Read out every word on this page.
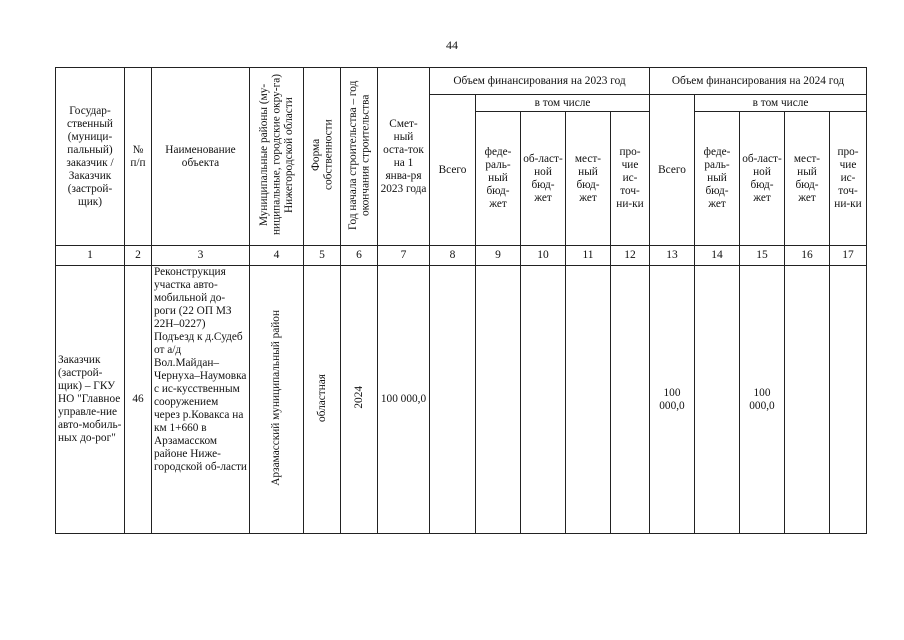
44
Государ-ственный (муници-пальный) заказчик / Заказчик (застрой-щик)	№ п/п	Наименование объекта	Муниципальные районы (му-ниципальные, городские окру-га) Нижегородской области	Форма собственности	Год начала строительства – год окончания строительства	Смет-ный оста-ток на 1 янва-ря 2023 года	Объем финансирования на 2023 год					Объем финансирования на 2024 год				
							Всего	в том числе				Всего	в том числе			
								феде-раль-ный бюд-жет	об-ласт-ной бюд-жет	мест-ный бюд-жет	про-чие ис-точ-ни-ки		феде-раль-ный бюд-жет	об-ласт-ной бюд-жет	мест-ный бюд-жет	про-чие ис-точ-ни-ки
1	2	3	4	5	6	7	8	9	10	11	12	13	14	15	16	17
Заказчик (застрой-щик) – ГКУ НО "Главное управле-ние авто-мобиль-ных до-рог"	46	Реконструкция участка авто-мобильной до-роги (22 ОП МЗ 22Н–0227) Подъезд к д.Судеб от а/д Вол.Майдан–Чернуха–Наумовка с ис-кусственным сооружением через р.Ковакса на км 1+660 в Арзамасском районе Ниже-городской об-ласти	Арзамасский муниципальный район	областная	2024	100 000,0						100 000,0		100 000,0		
